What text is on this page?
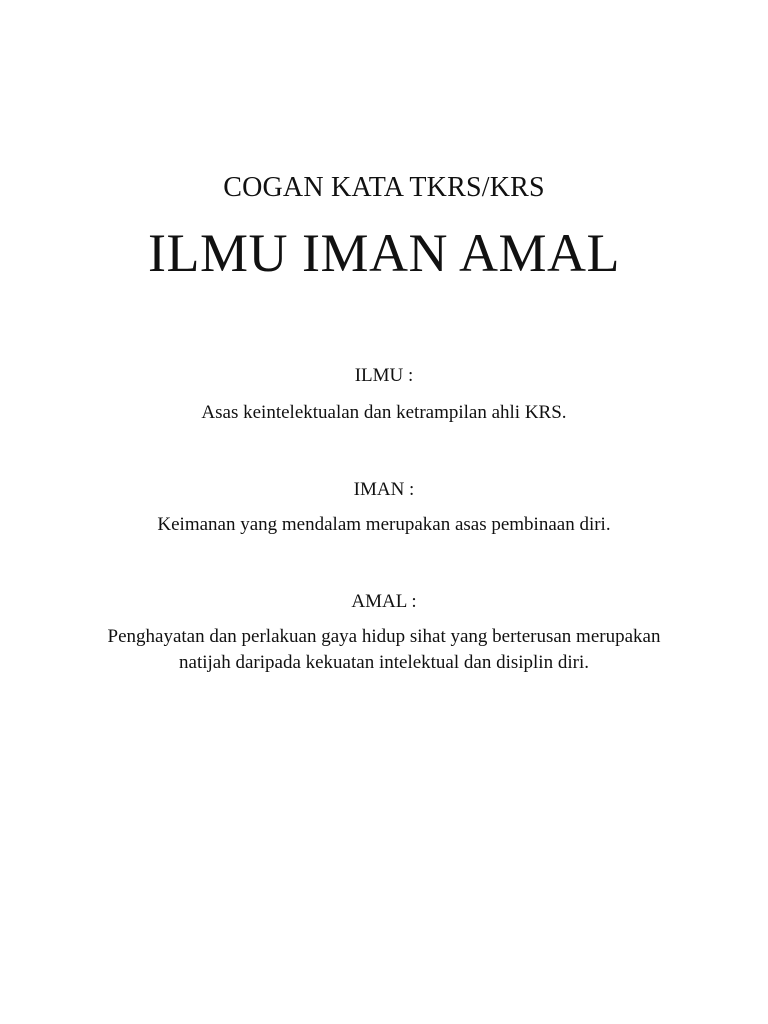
COGAN KATA TKRS/KRS
ILMU IMAN AMAL
ILMU :
Asas keintelektualan dan ketrampilan ahli KRS.
IMAN :
Keimanan yang mendalam merupakan asas pembinaan diri.
AMAL :
Penghayatan dan perlakuan gaya hidup sihat yang berterusan merupakan natijah daripada kekuatan intelektual dan disiplin diri.
